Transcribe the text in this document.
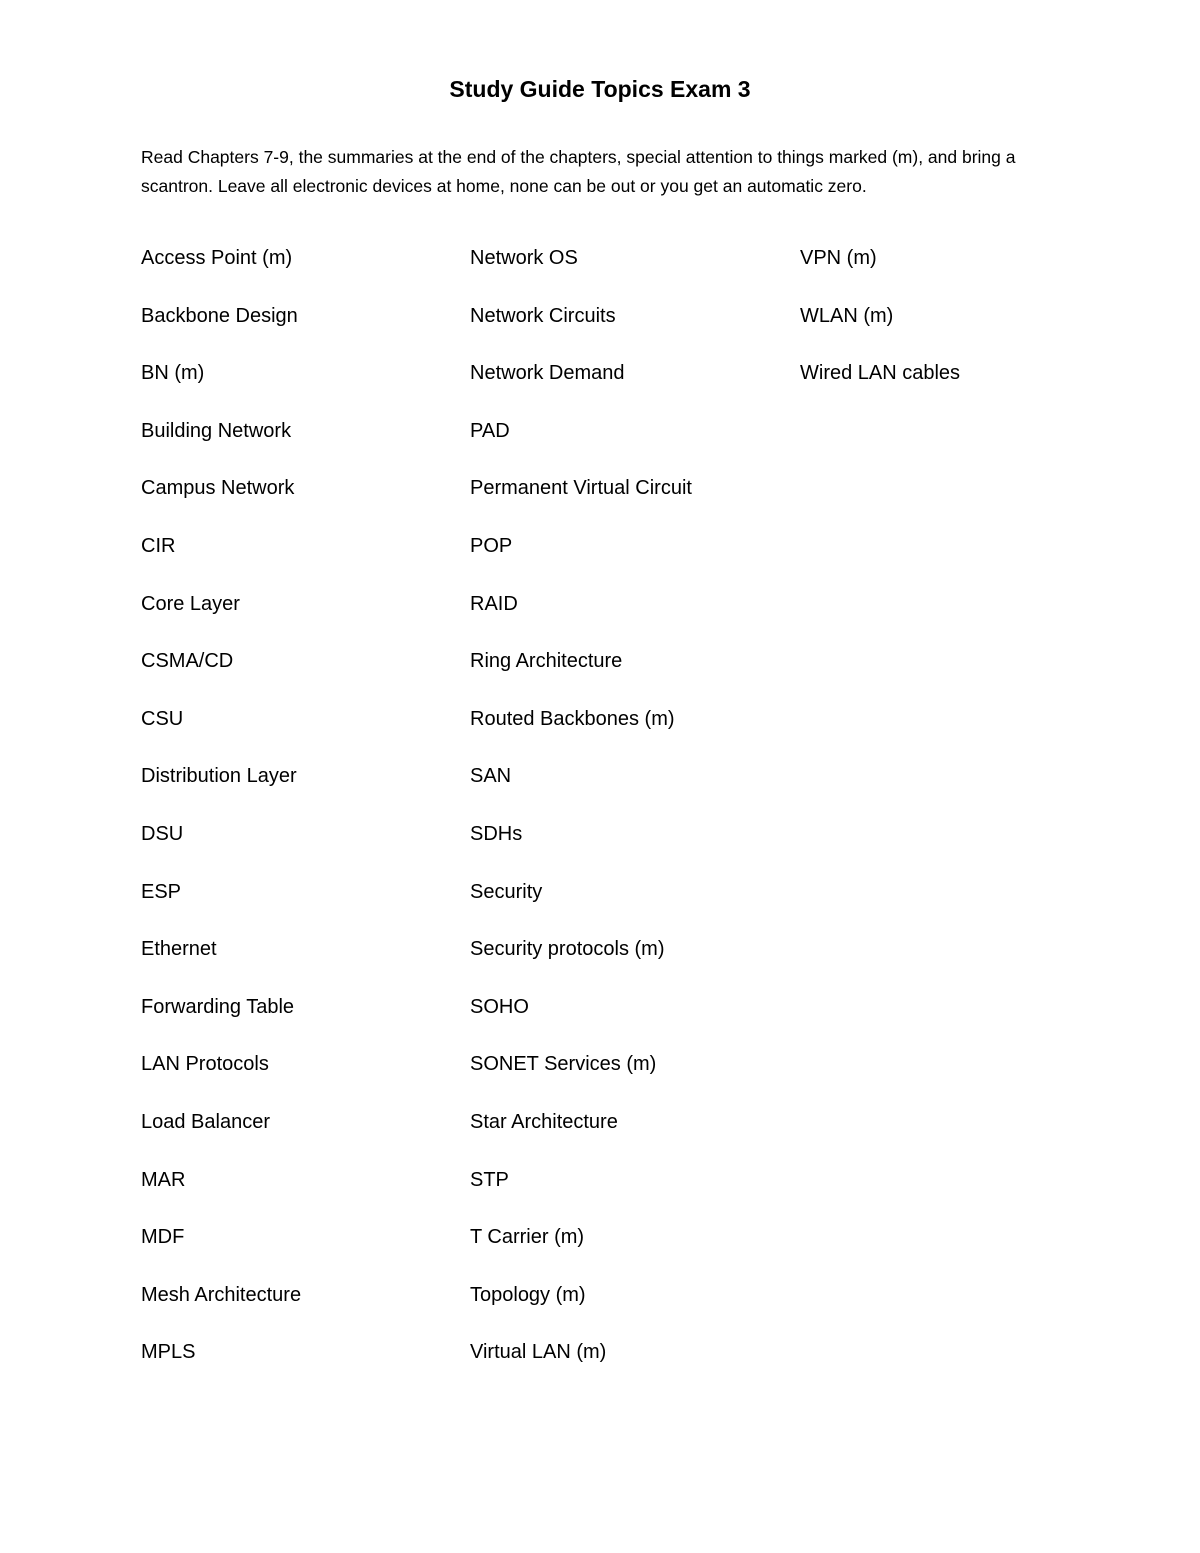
Study Guide Topics Exam 3
Read Chapters 7-9, the summaries at the end of the chapters, special attention to things marked (m), and bring a scantron. Leave all electronic devices at home, none can be out or you get an automatic zero.
Access Point (m)
Backbone Design
BN (m)
Building Network
Campus Network
CIR
Core Layer
CSMA/CD
CSU
Distribution Layer
DSU
ESP
Ethernet
Forwarding Table
LAN Protocols
Load Balancer
MAR
MDF
Mesh Architecture
MPLS
Network OS
Network Circuits
Network Demand
PAD
Permanent Virtual Circuit
POP
RAID
Ring Architecture
Routed Backbones (m)
SAN
SDHs
Security
Security protocols (m)
SOHO
SONET Services (m)
Star Architecture
STP
T Carrier (m)
Topology (m)
Virtual LAN (m)
VPN (m)
WLAN (m)
Wired LAN cables
